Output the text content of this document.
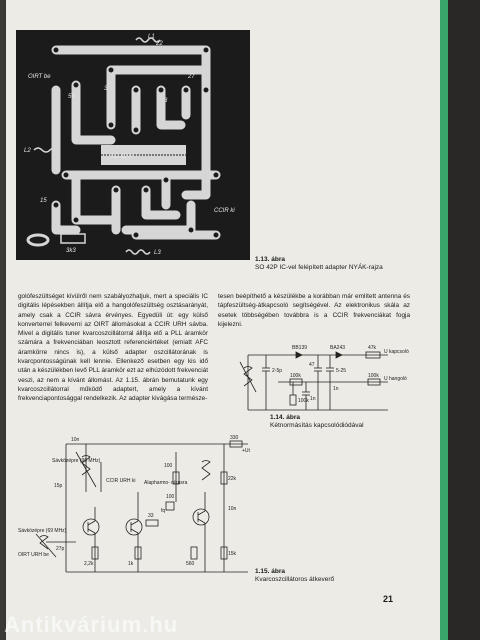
OIRT be
SO 42 P
CCIR ki
3k3
L1
L2
L3
22
56
27
3
15
3
1.13. ábra
SO 42P IC-vel felépített adapter NYÁK-rajza

golófeszültséget kívülről nem szabályozhatjuk, mert a speciális IC digitális lépésekben állítja elő a hangolófeszültség osztásarányát, amely csak a CCIR sávra érvényes. Egyedüli út: egy külső konverterrel felkeverni az OIRT állomásokat a CCIR URH sávba. Mivel a digitális tuner kvarcoszcillátorral állítja elő a PLL áramkör számára a frekvenciában leosztott referenciértéket (emiatt AFC áramkörre nincs is), a külső adapter oszcillátorának is kvarcpontosságúnak kell lennie. Ellenkező esetben egy kis idő után a készülékben levő PLL áramkör ezt az elhúzódott frekvenciát veszi, az nem a kívánt állomást. Az 1.15. ábrán bemutatunk egy kvarcoszcillátorral működő adaptert, amely a kívánt frekvenciapontosággal rendelkezik. Az adapter kivágása természe-

tesen beépíthető a készülékbe a korábban már említett antenna és tápfeszültség-átkapcsoló segítségével. Az elektronikus skála az esetek többségében továbbra is a CCIR frekvenciákat fogja kijelezni.

BB139	BA243	47k
2-5p
47
5-25
100k	100k
100k 1n
1n
U kapcsoló
U hangoló
1.14. ábra
Kétnormásítás kapcsolódiódával
Sávközépre (96 MHz)
Sávközépre (69 MHz)
Alapharmo- nikusra
CCIR URH ki
OIRT URH be
10n
15p
27p
2,2k	1k
100
33
22k
560
15k
330
100
10n
+Ut
fq
1.15. ábra
Kvarcoszcillátoros átkeverő
21
Antikvárium.hu
